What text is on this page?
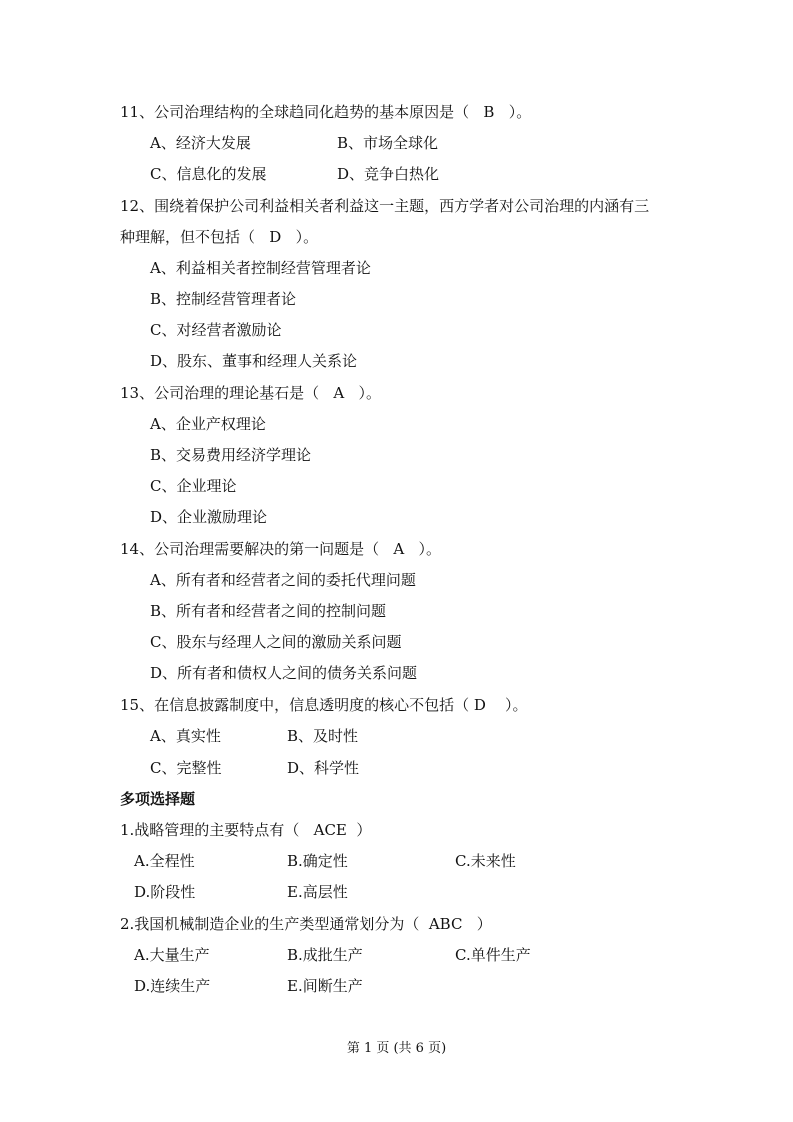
11、公司治理结构的全球趋同化趋势的基本原因是（   B   ）。
A、经济大发展	B、市场全球化
C、信息化的发展	D、竞争白热化
12、围绕着保护公司利益相关者利益这一主题，西方学者对公司治理的内涵有三
种理解，但不包括（   D   ）。
A、利益相关者控制经营管理者论
B、控制经营管理者论
C、对经营者激励论
D、股东、董事和经理人关系论
13、公司治理的理论基石是（   A   ）。
A、企业产权理论
B、交易费用经济学理论
C、企业理论
D、企业激励理论
14、公司治理需要解决的第一问题是（   A   ）。
A、所有者和经营者之间的委托代理问题
B、所有者和经营者之间的控制问题
C、股东与经理人之间的激励关系问题
D、所有者和债权人之间的债务关系问题
15、在信息披露制度中，信息透明度的核心不包括（ D    ）。
A、真实性	B、及时性
C、完整性	D、科学性
多项选择题
1.战略管理的主要特点有（   ACE  ）
A.全程性	B.确定性	C.未来性
D.阶段性	E.高层性
2.我国机械制造企业的生产类型通常划分为（  ABC   ）
A.大量生产	B.成批生产	C.单件生产
D.连续生产	E.间断生产
第 1 页 (共 6 页)
